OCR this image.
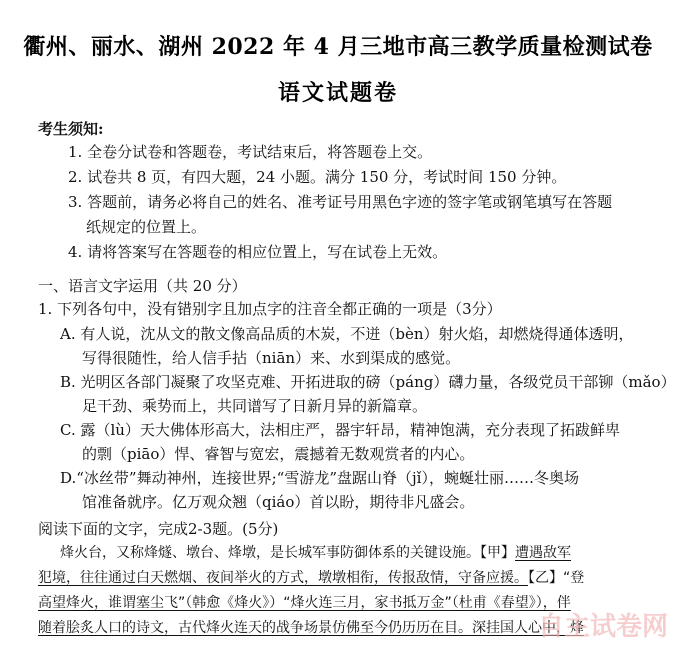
衢州、丽水、湖州 2022 年 4 月三地市高三教学质量检测试卷
语文试题卷
考生须知:
1. 全卷分试卷和答题卷，考试结束后，将答题卷上交。
2. 试卷共 8 页，有四大题，24 小题。满分 150 分，考试时间 150 分钟。
3. 答题前，请务必将自己的姓名、准考证号用黑色字迹的签字笔或钢笔填写在答题
纸规定的位置上。
4. 请将答案写在答题卷的相应位置上，写在试卷上无效。
一、语言文字运用（共 20 分）
1. 下列各句中，没有错别字且加点字的注音全都正确的一项是（3分）
A. 有人说，沈从文的散文像高品质的木炭，不迸（bèn）射火焰，却燃烧得通体透明，
写得很随性，给人信手拈（niān）来、水到渠成的感觉。
B. 光明区各部门凝聚了攻坚克难、开拓进取的磅（páng）礴力量，各级党员干部铆（mǎo）
足干劲、乘势而上，共同谱写了日新月异的新篇章。
C. 露（lù）天大佛体形高大，法相庄严，器宇轩昂，精神饱满，充分表现了拓跋鲜卑
的剽（piāo）悍、睿智与宽宏，震撼着无数观赏者的内心。
D.“冰丝带”舞动神州，连接世界;“雪游龙”盘踞山脊（jǐ），蜿蜒壮丽……冬奥场
馆准备就序。亿万观众翘（qiáo）首以盼，期待非凡盛会。
阅读下面的文字，完成2-3题。(5分)
烽火台，又称烽燧、墩台、烽墩，是长城军事防御体系的关键设施。【甲】遭遇敌军
犯境，往往通过白天燃烟、夜间举火的方式，墩墩相衔，传报敌情，守备应援。【乙】“登
高望烽火，谁谓塞尘飞”（韩愈《烽火》）“烽火连三月，家书抵万金”（杜甫《春望》），伴
随着脍炙人口的诗文，古代烽火连天的战争场景仿佛至今仍历历在目。深挂国人心中，烽
自主试卷网
